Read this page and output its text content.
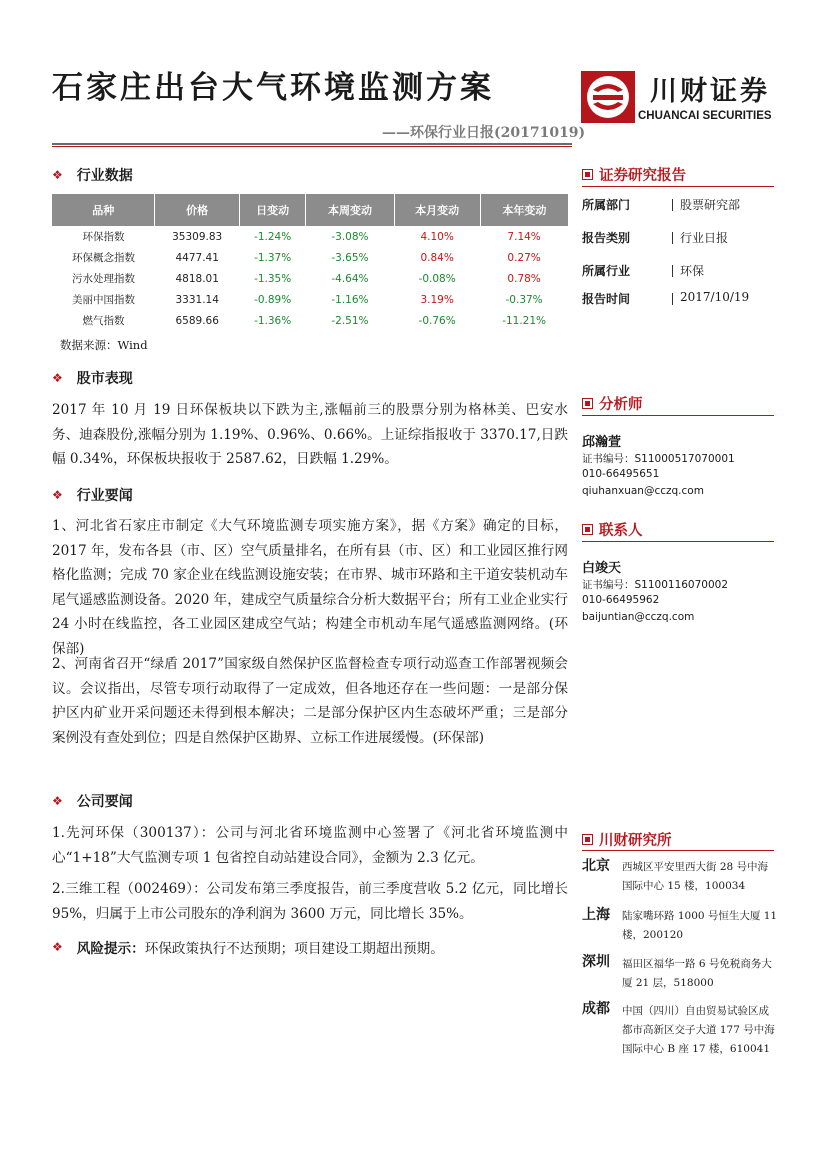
石家庄出台大气环境监测方案
——环保行业日报(20171019)
川财证券
CHUANCAI SECURITIES
❖ 行业数据
品种	价格	日变动	本周变动	本月变动	本年变动
环保指数	35309.83	-1.24%	-3.08%	4.10%	7.14%
环保概念指数	4477.41	-1.37%	-3.65%	0.84%	0.27%
污水处理指数	4818.01	-1.35%	-4.64%	-0.08%	0.78%
美丽中国指数	3331.14	-0.89%	-1.16%	3.19%	-0.37%
燃气指数	6589.66	-1.36%	-2.51%	-0.76%	-11.21%
数据来源：Wind
❖ 股市表现
2017 年 10 月 19 日环保板块以下跌为主,涨幅前三的股票分别为格林美、巴安水务、迪森股份,涨幅分别为 1.19%、0.96%、0.66%。上证综指报收于 3370.17,日跌幅 0.34%，环保板块报收于 2587.62，日跌幅 1.29%。
❖ 行业要闻
1、河北省石家庄市制定《大气环境监测专项实施方案》，据《方案》确定的目标，2017 年，发布各县（市、区）空气质量排名，在所有县（市、区）和工业园区推行网格化监测；完成 70 家企业在线监测设施安装；在市界、城市环路和主干道安装机动车尾气遥感监测设备。2020 年，建成空气质量综合分析大数据平台；所有工业企业实行 24 小时在线监控，各工业园区建成空气站；构建全市机动车尾气遥感监测网络。(环保部)
2、河南省召开“绿盾 2017”国家级自然保护区监督检查专项行动巡查工作部署视频会议。会议指出，尽管专项行动取得了一定成效，但各地还存在一些问题：一是部分保护区内矿业开采问题还未得到根本解决；二是部分保护区内生态破坏严重；三是部分案例没有查处到位；四是自然保护区勘界、立标工作进展缓慢。(环保部)
❖ 公司要闻
1.先河环保（300137）：公司与河北省环境监测中心签署了《河北省环境监测中心“1+18”大气监测专项 1 包省控自动站建设合同》，金额为 2.3 亿元。
2.三维工程（002469）：公司发布第三季度报告，前三季度营收 5.2 亿元，同比增长 95%，归属于上市公司股东的净利润为 3600 万元，同比增长 35%。
❖ 风险提示： 环保政策执行不达预期；项目建设工期超出预期。
证券研究报告
所属部门	股票研究部
报告类别	行业日报
所属行业	环保
报告时间	2017/10/19
分析师
邱瀚萱
证书编号：S1100051707000​1
010-66495651
qiuhanxuan@cczq.com
联系人
白竣天
证书编号：S1100116070002
010-66495962
baijuntian@cczq.com
川财研究所
北京 西城区平安里西大街 28 号中海国际中心 15 楼，100034
上海 陆家嘴环路 1000 号恒生大厦 11 楼，200120
深圳 福田区福华一路 6 号免税商务大厦 21 层，518000
成都 中国（四川）自由贸易试验区成都市高新区交子大道 177 号中海国际中心 B 座 17 楼，610041
